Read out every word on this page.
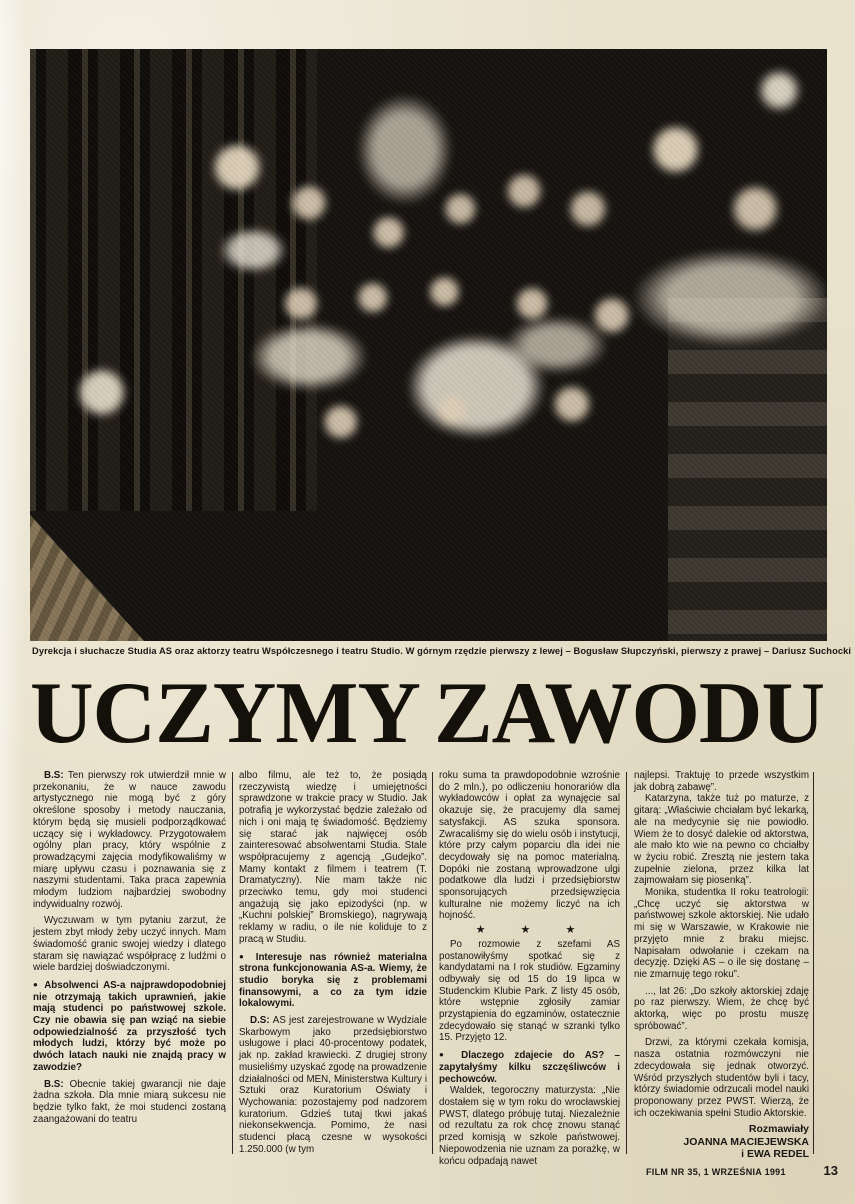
Dyrekcja i słuchacze Studia AS oraz aktorzy teatru Współczesnego i teatru Studio. W górnym rzędzie pierwszy z lewej – Bogusław Słupczyński, pierwszy z prawej – Dariusz Suchocki

UCZYMY ZAWODU

B.S: Ten pierwszy rok utwierdził mnie w przekonaniu, że w nauce zawodu artystycznego nie mogą być z góry określone sposoby i metody nauczania, którym będą się musieli podporządkować uczący się i wykładowcy. Przygotowałem ogólny plan pracy, który wspólnie z prowadzącymi zajęcia modyfikowaliśmy w miarę upływu czasu i poznawania się z naszymi studentami. Taka praca zapewnia młodym ludziom najbardziej swobodny indywidualny rozwój.

Wyczuwam w tym pytaniu zarzut, że jestem zbyt młody żeby uczyć innych. Mam świadomość granic swojej wiedzy i dlatego staram się nawiązać współpracę z ludźmi o wiele bardziej doświadczonymi.

● Absolwenci AS-a najprawdopodobniej nie otrzymają takich uprawnień, jakie mają studenci po państwowej szkole. Czy nie obawia się pan wziąć na siebie odpowiedzialność za przyszłość tych młodych ludzi, którzy być może po dwóch latach nauki nie znajdą pracy w zawodzie?

B.S: Obecnie takiej gwarancji nie daje żadna szkoła. Dla mnie miarą sukcesu nie będzie tylko fakt, że moi studenci zostaną zaangażowani do teatru

albo filmu, ale też to, że posiądą rzeczywistą wiedzę i umiejętności sprawdzone w trakcie pracy w Studio. Jak potrafią je wykorzystać będzie zależało od nich i oni mają tę świadomość. Będziemy się starać jak najwięcej osób zainteresować absolwentami Studia. Stale współpracujemy z agencją „Gudejko”. Mamy kontakt z filmem i teatrem (T. Dramatyczny). Nie mam także nic przeciwko temu, gdy moi studenci angażują się jako epizodyści (np. w „Kuchni polskiej” Bromskiego), nagrywają reklamy w radiu, o ile nie koliduje to z pracą w Studiu.

● Interesuje nas również materialna strona funkcjonowania AS-a. Wiemy, że studio boryka się z problemami finansowymi, a co za tym idzie lokalowymi.

D.S: AS jest zarejestrowane w Wydziale Skarbowym jako przedsiębiorstwo usługowe i płaci 40-procentowy podatek, jak np. zakład krawiecki. Z drugiej strony musieliśmy uzyskać zgodę na prowadzenie działalności od MEN, Ministerstwa Kultury i Sztuki oraz Kuratorium Oświaty i Wychowania: pozostajemy pod nadzorem kuratorium. Gdzieś tutaj tkwi jakaś niekonsekwencja. Pomimo, że nasi studenci płacą czesne w wysokości 1.250.000 (w tym

roku suma ta prawdopodobnie wzrośnie do 2 mln.), po odliczeniu honorariów dla wykładowców i opłat za wynajęcie sal okazuje się, że pracujemy dla samej satysfakcji. AS szuka sponsora. Zwracaliśmy się do wielu osób i instytucji, które przy całym poparciu dla idei nie decydowały się na pomoc materialną. Dopóki nie zostaną wprowadzone ulgi podatkowe dla ludzi i przedsiębiorstw sponsorujących przedsięwzięcia kulturalne nie możemy liczyć na ich hojność.

★ ★ ★

Po rozmowie z szefami AS postanowiłyśmy spotkać się z kandydatami na I rok studiów. Egzaminy odbywały się od 15 do 19 lipca w Studenckim Klubie Park. Z listy 45 osób, które wstępnie zgłosiły zamiar przystąpienia do egzaminów, ostatecznie zdecydowało się stanąć w szranki tylko 15. Przyjęto 12.

● Dlaczego zdajecie do AS? – zapytałyśmy kilku szczęśliwców i pechowców.

Waldek, tegoroczny maturzysta: „Nie dostałem się w tym roku do wrocławskiej PWST, dlatego próbuję tutaj. Niezależnie od rezultatu za rok chcę znowu stanąć przed komisją w szkole państwowej. Niepowodzenia nie uznam za porażkę, w końcu odpadają nawet

najlepsi. Traktuję to przede wszystkim jak dobrą zabawę”.

Katarzyna, także tuż po maturze, z gitarą: „Właściwie chciałam być lekarką, ale na medycynie się nie powiodło. Wiem że to dosyć dalekie od aktorstwa, ale mało kto wie na pewno co chciałby w życiu robić. Zresztą nie jestem taka zupełnie zielona, przez kilka lat zajmowałam się piosenką”.

Monika, studentka II roku teatrologii: „Chcę uczyć się aktorstwa w państwowej szkole aktorskiej. Nie udało mi się w Warszawie, w Krakowie nie przyjęto mnie z braku miejsc. Napisałam odwołanie i czekam na decyzję. Dzięki AS – o ile się dostanę – nie zmarnuję tego roku”.

..., lat 26: „Do szkoły aktorskiej zdaję po raz pierwszy. Wiem, że chcę być aktorką, więc po prostu muszę spróbować”.

Drzwi, za którymi czekała komisja, nasza ostatnia rozmówczyni nie zdecydowała się jednak otworzyć. Wśród przyszłych studentów byli i tacy, którzy świadomie odrzucali model nauki proponowany przez PWST. Wierzą, że ich oczekiwania spełni Studio Aktorskie.

Rozmawiały
JOANNA MACIEJEWSKA
i EWA REDEL

FILM NR 35, 1 WRZEŚNIA 1991	13
